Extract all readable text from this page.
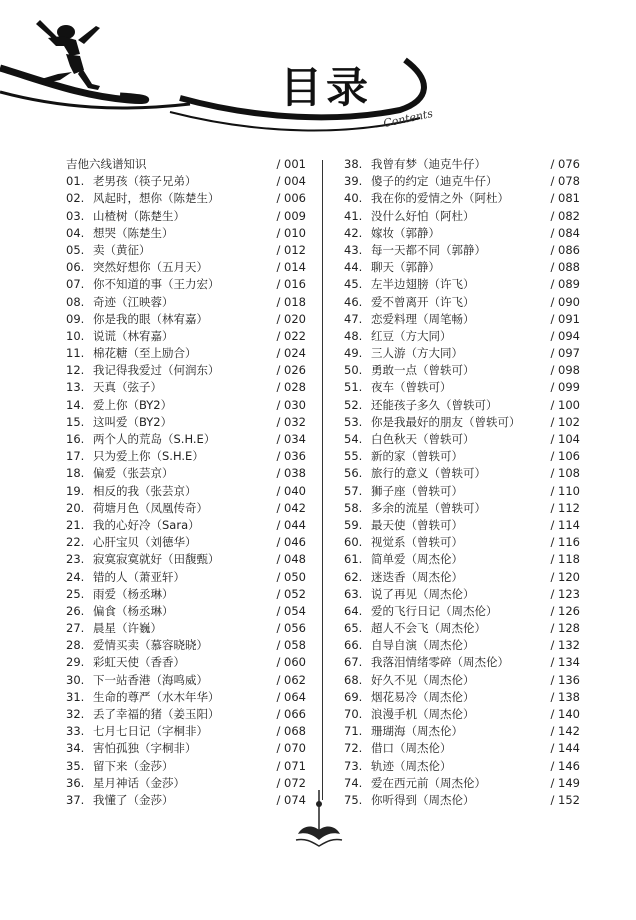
目录
Contents
吉他六线谱知识	/ 001
01. 老男孩（筷子兄弟）	/ 004
02. 风起时，想你（陈楚生）	/ 006
03. 山楂树（陈楚生）	/ 009
04. 想哭（陈楚生）	/ 010
05. 卖（黄征）	/ 012
06. 突然好想你（五月天）	/ 014
07. 你不知道的事（王力宏）	/ 016
08. 奇迹（江映蓉）	/ 018
09. 你是我的眼（林宥嘉）	/ 020
10. 说谎（林宥嘉）	/ 022
11. 棉花糖（至上励合）	/ 024
12. 我记得我爱过（何润东）	/ 026
13. 天真（弦子）	/ 028
14. 爱上你（BY2）	/ 030
15. 这叫爱（BY2）	/ 032
16. 两个人的荒岛（S.H.E）	/ 034
17. 只为爱上你（S.H.E）	/ 036
18. 偏爱（张芸京）	/ 038
19. 相反的我（张芸京）	/ 040
20. 荷塘月色（凤凰传奇）	/ 042
21. 我的心好冷（Sara）	/ 044
22. 心肝宝贝（刘德华）	/ 046
23. 寂寞寂寞就好（田馥甄）	/ 048
24. 错的人（萧亚轩）	/ 050
25. 雨爱（杨丞琳）	/ 052
26. 偏食（杨丞琳）	/ 054
27. 晨星（许巍）	/ 056
28. 爱情买卖（慕容晓晓）	/ 058
29. 彩虹天使（香香）	/ 060
30. 下一站香港（海鸣威）	/ 062
31. 生命的尊严（水木年华）	/ 064
32. 丢了幸福的猪（姜玉阳）	/ 066
33. 七月七日记（字桐非）	/ 068
34. 害怕孤独（字桐非）	/ 070
35. 留下来（金莎）	/ 071
36. 星月神话（金莎）	/ 072
37. 我懂了（金莎）	/ 074
38. 我曾有梦（迪克牛仔）	/ 076
39. 傻子的约定（迪克牛仔）	/ 078
40. 我在你的爱情之外（阿杜）	/ 081
41. 没什么好怕（阿杜）	/ 082
42. 嫁妆（郭静）	/ 084
43. 每一天都不同（郭静）	/ 086
44. 聊天（郭静）	/ 088
45. 左半边翅膀（许飞）	/ 089
46. 爱不曾离开（许飞）	/ 090
47. 恋爱料理（周笔畅）	/ 091
48. 红豆（方大同）	/ 094
49. 三人游（方大同）	/ 097
50. 勇敢一点（曾轶可）	/ 098
51. 夜车（曾轶可）	/ 099
52. 还能孩子多久（曾轶可）	/ 100
53. 你是我最好的朋友（曾轶可）	/ 102
54. 白色秋天（曾轶可）	/ 104
55. 新的家（曾轶可）	/ 106
56. 旅行的意义（曾轶可）	/ 108
57. 狮子座（曾轶可）	/ 110
58. 多余的流星（曾轶可）	/ 112
59. 最天使（曾轶可）	/ 114
60. 视觉系（曾轶可）	/ 116
61. 简单爱（周杰伦）	/ 118
62. 迷迭香（周杰伦）	/ 120
63. 说了再见（周杰伦）	/ 123
64. 爱的飞行日记（周杰伦）	/ 126
65. 超人不会飞（周杰伦）	/ 128
66. 自导自演（周杰伦）	/ 132
67. 我落泪情绪零碎（周杰伦）	/ 134
68. 好久不见（周杰伦）	/ 136
69. 烟花易冷（周杰伦）	/ 138
70. 浪漫手机（周杰伦）	/ 140
71. 珊瑚海（周杰伦）	/ 142
72. 借口（周杰伦）	/ 144
73. 轨迹（周杰伦）	/ 146
74. 爱在西元前（周杰伦）	/ 149
75. 你听得到（周杰伦）	/ 152
